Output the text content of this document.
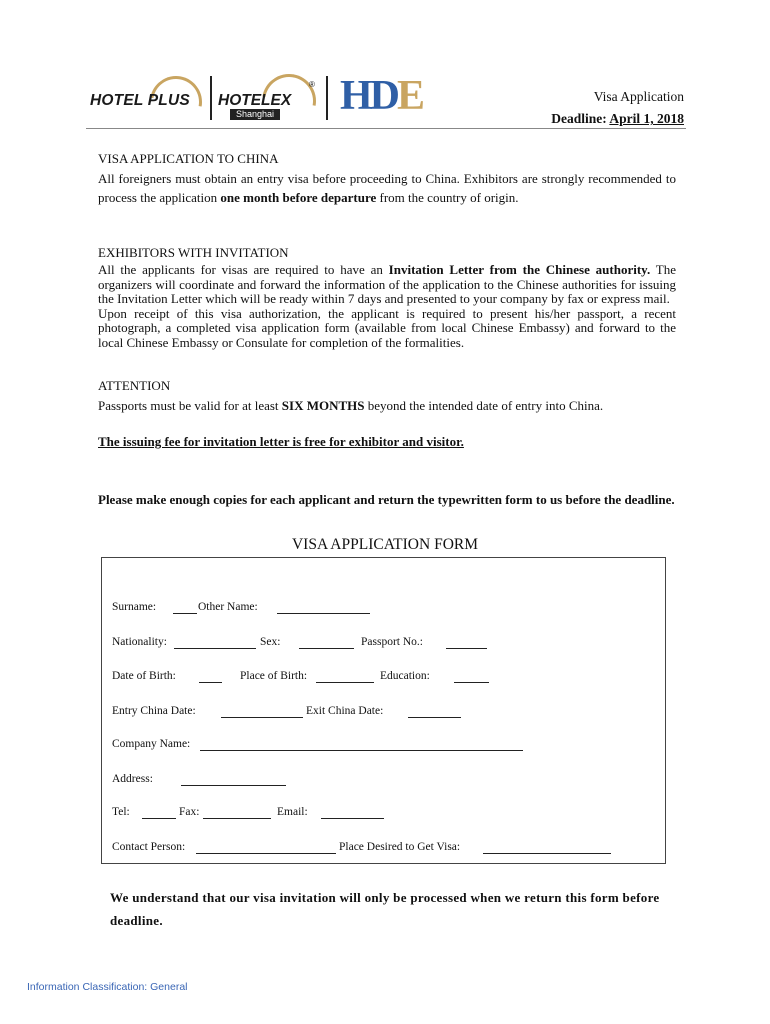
HOTEL PLUS HOTELEX
Shanghai
® HDE	Visa Application
Deadline: April 1, 2018
VISA APPLICATION TO CHINA
All foreigners must obtain an entry visa before proceeding to China. Exhibitors are strongly recommended to process the application one month before departure from the country of origin.
EXHIBITORS WITH INVITATION
All the applicants for visas are required to have an Invitation Letter from the Chinese authority. The organizers will coordinate and forward the information of the application to the Chinese authorities for issuing the Invitation Letter which will be ready within 7 days and presented to your company by fax or express mail.
Upon receipt of this visa authorization, the applicant is required to present his/her passport, a recent photograph, a completed visa application form (available from local Chinese Embassy) and forward to the local Chinese Embassy or Consulate for completion of the formalities.
ATTENTION
Passports must be valid for at least SIX MONTHS beyond the intended date of entry into China.
The issuing fee for invitation letter is free for exhibitor and visitor.
Please make enough copies for each applicant and return the typewritten form to us before the deadline.
VISA APPLICATION FORM
Surname:	Other Name:
Nationality:	Sex:	Passport No.:
Date of Birth:	Place of Birth:	Education:
Entry China Date:	Exit China Date:
Company Name:
Address:
Tel:	Fax:	Email:
Contact Person:	Place Desired to Get Visa:
We understand that our visa invitation will only be processed when we return this form before deadline.
Information Classification: General
